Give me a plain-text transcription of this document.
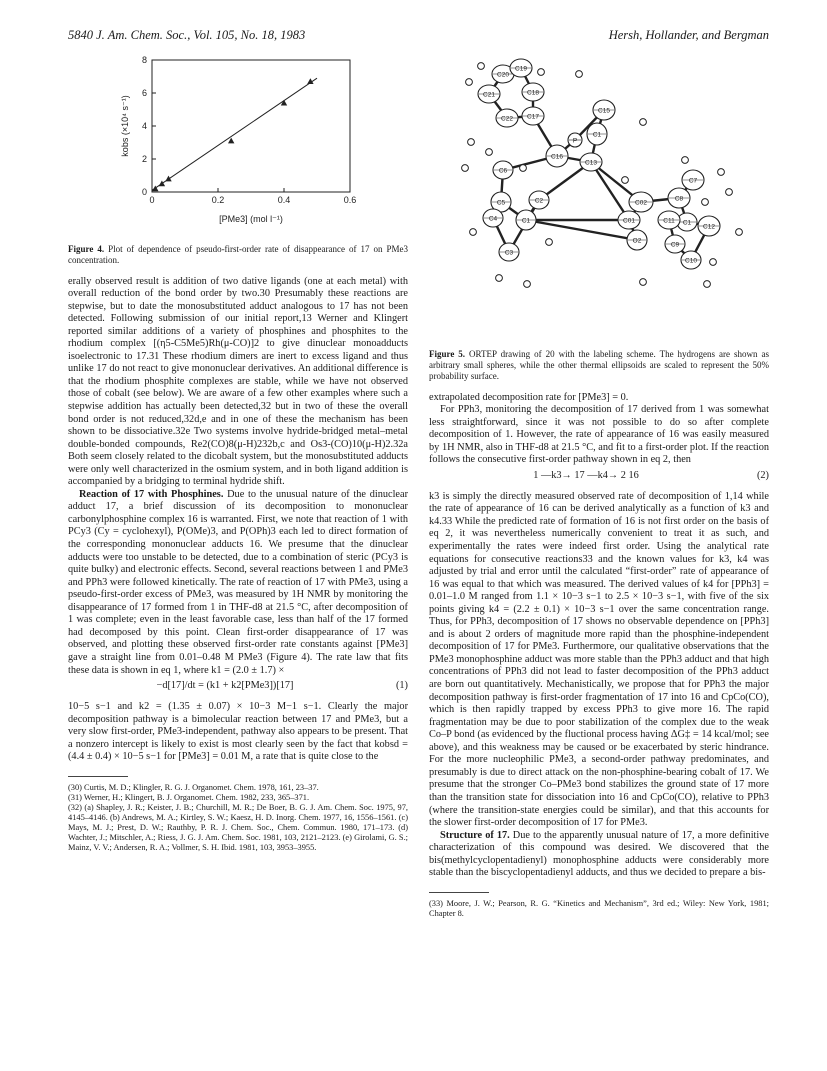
5840 J. Am. Chem. Soc., Vol. 105, No. 18, 1983	Hersh, Hollander, and Bergman
0	0.2	0.4	0.6
0
2
4
6
8
[PMe3] (mol l⁻¹)
kobs (×10⁴ s⁻¹)
Figure 4. Plot of dependence of pseudo-first-order rate of disappearance of 17 on PMe3 concentration.

erally observed result is addition of two dative ligands (one at each metal) with overall reduction of the bond order by two.30 Presumably these reactions are stepwise, but to date the monosubstituted adduct analogous to 17 has not been detected. Following submission of our initial report,13 Werner and Klingert reported similar additions of a variety of phosphines and phosphites to the rhodium complex [(η5-C5Me5)Rh(μ-CO)]2 to give dinuclear monoadducts isoelectronic to 17.31 These rhodium dimers are inert to excess ligand and thus unlike 17 do not react to give mononuclear derivatives. An additional difference is that the rhodium phosphite complexes are stable, while we have not observed those of cobalt (see below). We are aware of a few other examples where such a stepwise addition has actually been detected,32 but in two of these the overall bond order is not reduced,32d,e and in one of these the mechanism has been shown to be dissociative.32e Two systems involve hydride-bridged metal–metal double-bonded compounds, Re2(CO)8(μ-H)232b,c and Os3-(CO)10(μ-H)2.32a Both seem closely related to the dicobalt system, but the monosubstituted adducts were only well characterized in the osmium system, and in both ligand addition is accompanied by a bridging to terminal hydride shift.

Reaction of 17 with Phosphines. Due to the unusual nature of the dinuclear adduct 17, a brief discussion of its decomposition to mononuclear carbonylphosphine complex 16 is warranted. First, we note that reaction of 1 with PCy3 (Cy = cyclohexyl), P(OMe)3, and P(OPh)3 each led to direct formation of the corresponding mononuclear adducts 16. We presume that the dinuclear adducts were too unstable to be detected, due to a combination of steric (PCy3 is quite bulky) and electronic effects. Second, several reactions between 1 and PMe3 and PPh3 were followed kinetically. The rate of reaction of 17 with PMe3, using a pseudo-first-order excess of PMe3, was measured by 1H NMR by monitoring the disappearance of 17 formed from 1 in THF-d8 at 21.5 °C, after decomposition of 1 was complete; even in the least favorable case, less than half of the 17 formed had decomposed by this point. Clean first-order disappearance of 17 was observed, and plotting these observed first-order rate constants against [PMe3] gave a straight line from 0.01–0.48 M PMe3 (Figure 4). The rate law that fits these data is shown in eq 1, where k1 = (2.0 ± 1.7) ×

−d[17]/dt = (k1 + k2[PMe3])[17]	(1)

10−5 s−1 and k2 = (1.35 ± 0.07) × 10−3 M−1 s−1. Clearly the major decomposition pathway is a bimolecular reaction between 17 and PMe3, but a very slow first-order, PMe3-independent, pathway also appears to be present. That a nonzero intercept is likely to exist is most clearly seen by the fact that kobsd = (4.4 ± 0.4) × 10−5 s−1 for [PMe3] = 0.01 M, a rate that is quite close to the

(30) Curtis, M. D.; Klingler, R. G. J. Organomet. Chem. 1978, 161, 23–37.
(31) Werner, H.; Klingert, B. J. Organomet. Chem. 1982, 233, 365–371.
(32) (a) Shapley, J. R.; Keister, J. B.; Churchill, M. R.; De Boer, B. G. J. Am. Chem. Soc. 1975, 97, 4145–4146. (b) Andrews, M. A.; Kirtley, S. W.; Kaesz, H. D. Inorg. Chem. 1977, 16, 1556–1561. (c) Mays, M. J.; Prest, D. W.; Rauthby, P. R. J. Chem. Soc., Chem. Commun. 1980, 171–173. (d) Wachter, J.; Mitschler, A.; Riess, J. G. J. Am. Chem. Soc. 1981, 103, 2121–2123. (e) Girolami, G. S.; Mainz, V. V.; Andersen, R. A.; Vollmer, S. H. Ibid. 1981, 103, 3953–3955.
C20
C19
C21	C18
C22 C17
C15
C1
P
C16
C13
C6
C2
C5
C01
C02
C8
C7
C4	C1	C1
O2
C11
C12
C3
C9
C10
Figure 5. ORTEP drawing of 20 with the labeling scheme. The hydrogens are shown as arbitrary small spheres, while the other thermal ellipsoids are scaled to represent the 50% probability surface.

extrapolated decomposition rate for [PMe3] = 0.

For PPh3, monitoring the decomposition of 17 derived from 1 was somewhat less straightforward, since it was not possible to do so after complete decomposition of 1. However, the rate of appearance of 16 was easily measured by 1H NMR, also in THF-d8 at 21.5 °C, and fit to a first-order plot. If the reaction follows the consecutive first-order pathway shown in eq 2, then

1 —k3→ 17 —k4→ 2 16	(2)

k3 is simply the directly measured observed rate of decomposition of 1,14 while the rate of appearance of 16 can be derived analytically as a function of k3 and k4.33 While the predicted rate of formation of 16 is not first order on the basis of eq 2, it was nevertheless numerically convenient to treat it as such, and experimentally the rates were indeed first order. Using the analytical rate equations for consecutive reactions33 and the known values for k3, k4 was adjusted by trial and error until the calculated “first-order” rate of appearance of 16 was equal to that which was measured. The derived values of k4 for [PPh3] = 0.01–1.0 M ranged from 1.1 × 10−3 s−1 to 2.5 × 10−3 s−1, with five of the six points giving k4 = (2.2 ± 0.1) × 10−3 s−1 over the same concentration range. Thus, for PPh3, decomposition of 17 shows no observable dependence on [PPh3] and is about 2 orders of magnitude more rapid than the phosphine-independent decomposition of 17 for PMe3. Furthermore, our qualitative observations that the PMe3 monophosphine adduct was more stable than the PPh3 adduct and that high concentrations of PPh3 did not lead to faster decomposition of the PPh3 adduct are born out quantitatively. Mechanistically, we propose that for PPh3 the major decomposition pathway is first-order fragmentation of 17 into 16 and CpCo(CO), which is then rapidly trapped by excess PPh3 to give more 16. The rapid fragmentation may be due to poor stabilization of the complex due to the weak Co–P bond (as evidenced by the fluctional process having ΔG‡ = 14 kcal/mol; see above), and this weakness may be caused or be exacerbated by steric hindrance. For the more nucleophilic PMe3, a second-order pathway predominates, and presumably is due to direct attack on the non-phosphine-bearing cobalt of 17. We presume that the stronger Co–PMe3 bond stabilizes the ground state of 17 more than the transition state for dissociation into 16 and CpCo(CO), relative to PPh3 (where the transition-state energies could be similar), and that this accounts for the slower first-order decomposition of 17 for PMe3.

Structure of 17. Due to the apparently unusual nature of 17, a more definitive characterization of this compound was desired. We discovered that the bis(methylcyclopentadienyl) monophosphine adducts were considerably more stable than the biscyclopentadienyl adducts, and thus we decided to prepare a bis-

(33) Moore, J. W.; Pearson, R. G. “Kinetics and Mechanism”, 3rd ed.; Wiley: New York, 1981; Chapter 8.
